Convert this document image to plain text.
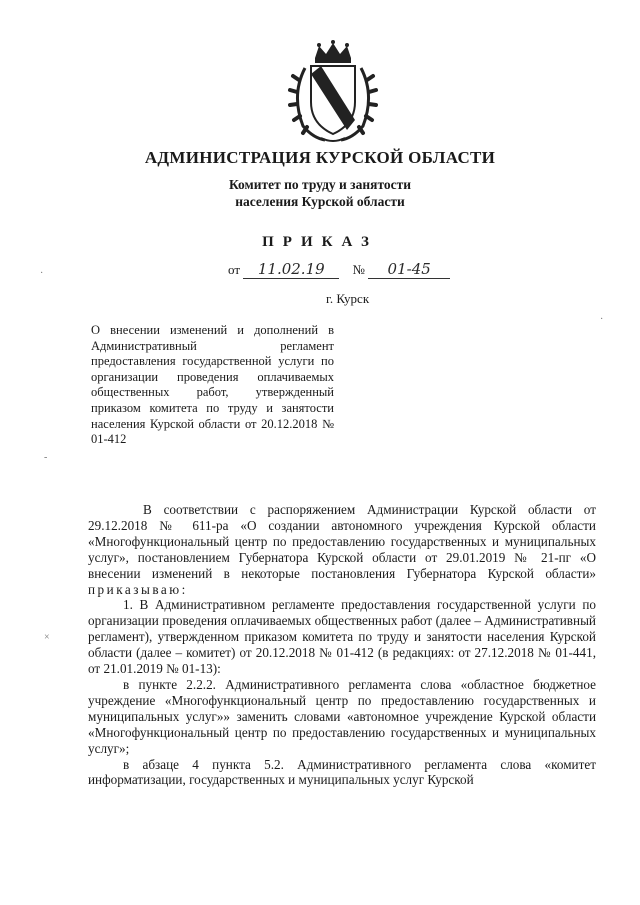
АДМИНИСТРАЦИЯ КУРСКОЙ ОБЛАСТИ
Комитет по труду и занятости
населения Курской области
ПРИКАЗ
от 11.02.19 № 01-45
г. Курск
О внесении изменений и дополнений в Административный регламент предоставления государственной услуги по организации проведения оплачиваемых общественных работ, утвержденный приказом комитета по труду и занятости населения Курской области от 20.12.2018 № 01-412

В соответствии с распоряжением Администрации Курской области от 29.12.2018 № 611-ра «О создании автономного учреждения Курской области «Многофункциональный центр по предоставлению государственных и муниципальных услуг», постановлением Губернатора Курской области от 29.01.2019 № 21-пг «О внесении изменений в некоторые постановления Губернатора Курской области» приказываю:

1. В Административном регламенте предоставления государственной услуги по организации проведения оплачиваемых общественных работ (далее – Административный регламент), утвержденном приказом комитета по труду и занятости населения Курской области (далее – комитет) от 20.12.2018 № 01-412 (в редакциях: от 27.12.2018 № 01-441, от 21.01.2019 № 01-13):

в пункте 2.2.2. Административного регламента слова «областное бюджетное учреждение «Многофункциональный центр по предоставлению государственных и муниципальных услуг»» заменить словами «автономное учреждение Курской области «Многофункциональный центр по предоставлению государственных и муниципальных услуг»;

в абзаце 4 пункта 5.2. Административного регламента слова «комитет информатизации, государственных и муниципальных услуг Курской

·
-
×
·
